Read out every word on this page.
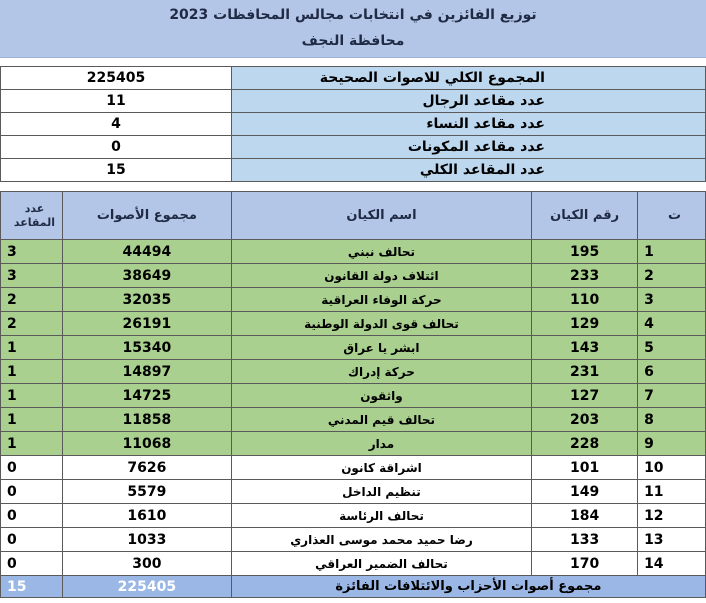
توزيع الفائزين في انتخابات مجالس المحافظات 2023
محافظة النجف
225405	المجموع الكلي للاصوات الصحيحة
11	عدد مقاعد الرجال
4	عدد مقاعد النساء
0	عدد مقاعد المكونات
15	عدد المقاعد الكلي
عدد المقاعد	مجموع الأصوات	اسم الكيان	رقم الكيان	ت
3	44494	تحالف نبني	195	1
3	38649	ائتلاف دولة القانون	233	2
2	32035	حركة الوفاء العراقية	110	3
2	26191	تحالف قوى الدولة الوطنية	129	4
1	15340	ابشر يا عراق	143	5
1	14897	حركة إدراك	231	6
1	14725	واثقون	127	7
1	11858	تحالف قيم المدني	203	8
1	11068	مدار	228	9
0	7626	اشراقة كانون	101	10
0	5579	تنظيم الداخل	149	11
0	1610	تحالف الرئاسة	184	12
0	1033	رضا حميد محمد موسى العذاري	133	13
0	300	تحالف الضمير العراقي	170	14
15	225405	مجموع أصوات الأحزاب والائتلافات الفائزة		
